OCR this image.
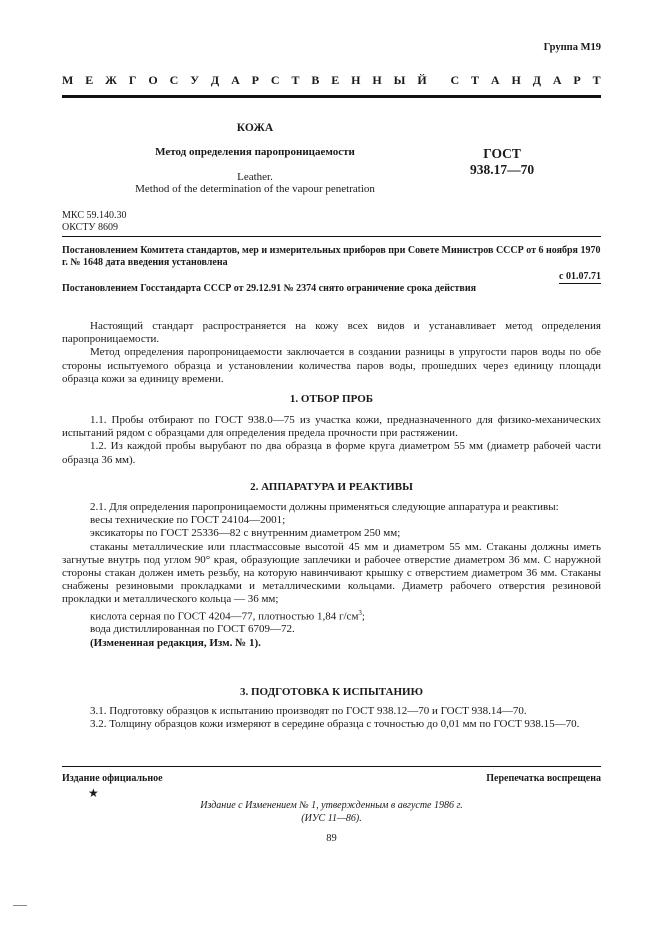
Группа М19
М Е Ж Г О С У Д А Р С Т В Е Н Н Ы Й С Т А Н Д А Р Т
КОЖА
Метод определения паропроницаемости
Leather.
Method of the determination of the vapour penetration
ГОСТ
938.17—70
МКС 59.140.30
ОКСТУ 8609
Постановлением Комитета стандартов, мер и измерительных приборов при Совете Министров СССР от 6 ноября 1970 г. № 1648 дата введения установлена
с 01.07.71
Постановлением Госстандарта СССР от 29.12.91 № 2374 снято ограничение срока действия

Настоящий стандарт распространяется на кожу всех видов и устанавливает метод определения паропроницаемости.

Метод определения паропроницаемости заключается в создании разницы в упругости паров воды по обе стороны испытуемого образца и установлении количества паров воды, прошедших через единицу площади образца кожи за единицу времени.

1. ОТБОР ПРОБ

1.1. Пробы отбирают по ГОСТ 938.0—75 из участка кожи, предназначенного для физико-механических испытаний рядом с образцами для определения предела прочности при растяжении.

1.2. Из каждой пробы вырубают по два образца в форме круга диаметром 55 мм (диаметр рабочей части образца 36 мм).

2. АППАРАТУРА И РЕАКТИВЫ

2.1. Для определения паропроницаемости должны применяться следующие аппаратура и реактивы:

весы технические по ГОСТ 24104—2001;

эксикаторы по ГОСТ 25336—82 с внутренним диаметром 250 мм;

стаканы металлические или пластмассовые высотой 45 мм и диаметром 55 мм. Стаканы должны иметь загнутые внутрь под углом 90° края, образующие заплечики и рабочее отверстие диаметром 36 мм. С наружной стороны стакан должен иметь резьбу, на которую навинчивают крышку с отверстием диаметром 36 мм. Стаканы снабжены резиновыми прокладками и металлическими кольцами. Диаметр рабочего отверстия резиновой прокладки и металлического кольца — 36 мм;

кислота серная по ГОСТ 4204—77, плотностью 1,84 $г/см^3$;

вода дистиллированная по ГОСТ 6709—72.

(Измененная редакция, Изм. № 1).

3. ПОДГОТОВКА К ИСПЫТАНИЮ

3.1. Подготовку образцов к испытанию производят по ГОСТ 938.12—70 и ГОСТ 938.14—70.

3.2. Толщину образцов кожи измеряют в середине образца с точностью до 0,01 мм по ГОСТ 938.15—70.

Издание официальное	Перепечатка воспрещена
★
Издание с Изменением № 1, утвержденным в августе 1986 г.
(ИУС 11—86).
89
